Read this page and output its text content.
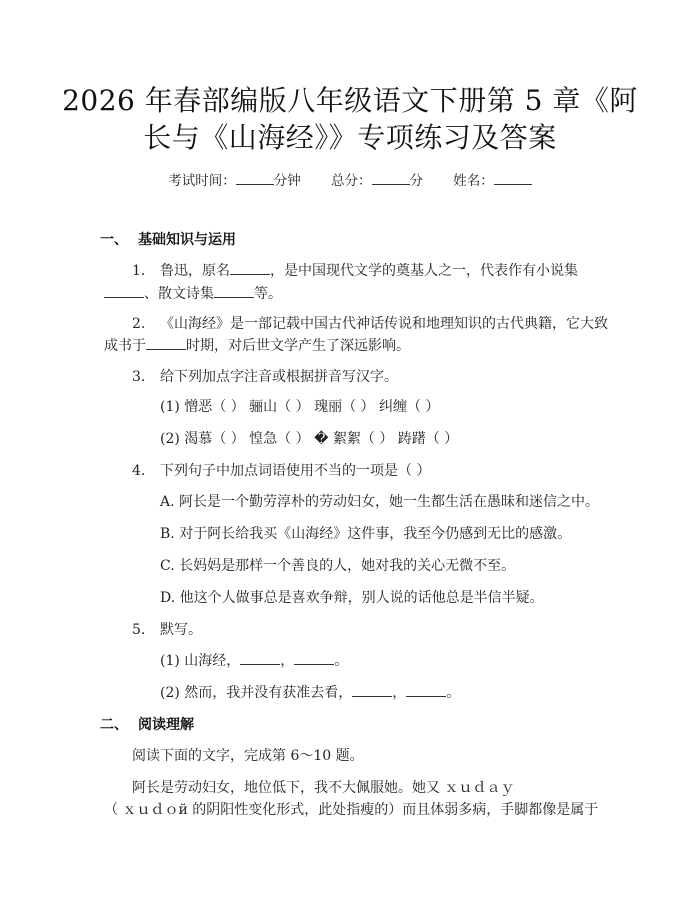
2026 年春部编版八年级语文下册第 5 章《阿
长与《山海经》》专项练习及答案
考试时间：	分钟 总分：	分 姓名：
一、 基础知识与运用
1. 鲁迅，原名	，是中国现代文学的奠基人之一，代表作有小说集
、散文诗集	等。
2. 《山海经》是一部记载中国古代神话传说和地理知识的古代典籍，它大致
成书于	时期，对后世文学产生了深远影响。
3. 给下列加点字注音或根据拼音写汉字。
(1) 憎恶（ ） 骊山（ ） 瑰丽（ ） 纠缠（ ）
(2) 渴慕（ ） 惶急（ ） � 絮絮（ ） 踌躇（ ）
4. 下列句子中加点词语使用不当的一项是（ ）
A. 阿长是一个勤劳淳朴的劳动妇女，她一生都生活在愚昧和迷信之中。
B. 对于阿长给我买《山海经》这件事，我至今仍感到无比的感激。
C. 长妈妈是那样一个善良的人，她对我的关心无微不至。
D. 他这个人做事总是喜欢争辩，别人说的话他总是半信半疑。
5. 默写。
(1) 山海经，	，	。
(2) 然而，我并没有获准去看，	，	。
二、 阅读理解
阅读下面的文字，完成第 6～10 题。
阿长是劳动妇女，地位低下，我不大佩服她。她又 ｘｕｄａｙ
（ ｘｕｄｏй 的阴阳性变化形式，此处指瘦的）而且体弱多病，手脚都像是属于
